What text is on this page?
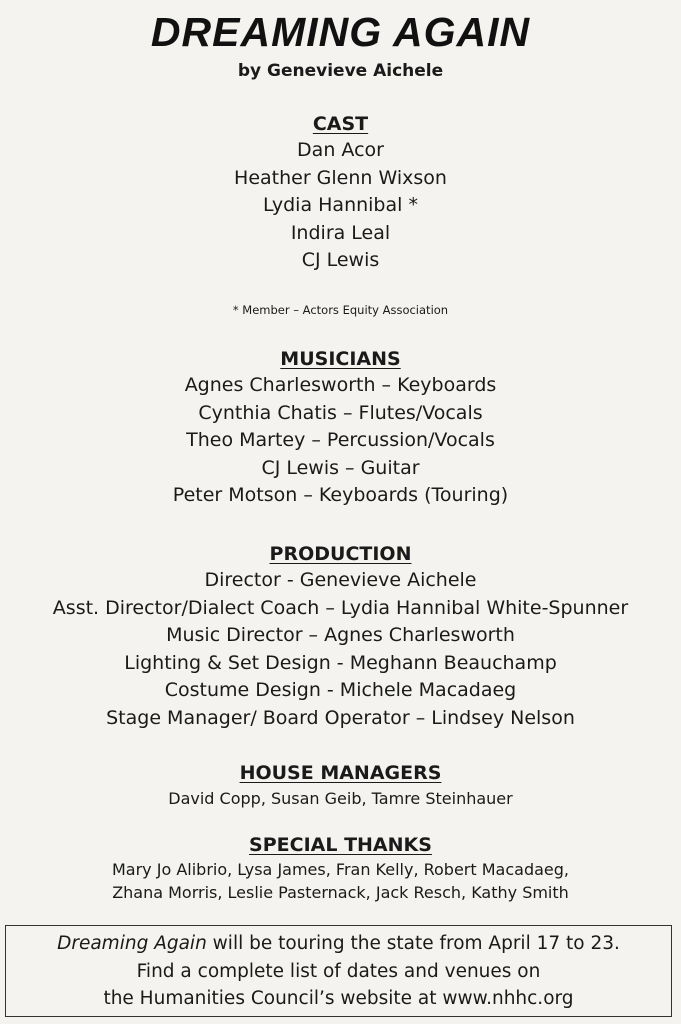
DREAMING AGAIN
by Genevieve Aichele
CAST
Dan Acor
Heather Glenn Wixson
Lydia Hannibal *
Indira Leal
CJ Lewis
* Member – Actors Equity Association
MUSICIANS
Agnes Charlesworth – Keyboards
Cynthia Chatis – Flutes/Vocals
Theo Martey – Percussion/Vocals
CJ Lewis – Guitar
Peter Motson – Keyboards (Touring)
PRODUCTION
Director - Genevieve Aichele
Asst. Director/Dialect Coach – Lydia Hannibal White-Spunner
Music Director – Agnes Charlesworth
Lighting & Set Design - Meghann Beauchamp
Costume Design - Michele Macadaeg
Stage Manager/ Board Operator – Lindsey Nelson
HOUSE MANAGERS
David Copp, Susan Geib, Tamre Steinhauer
SPECIAL THANKS
Mary Jo Alibrio, Lysa James, Fran Kelly, Robert Macadaeg,
Zhana Morris, Leslie Pasternack, Jack Resch, Kathy Smith
Dreaming Again will be touring the state from April 17 to 23.
Find a complete list of dates and venues on
the Humanities Council’s website at www.nhhc.org
